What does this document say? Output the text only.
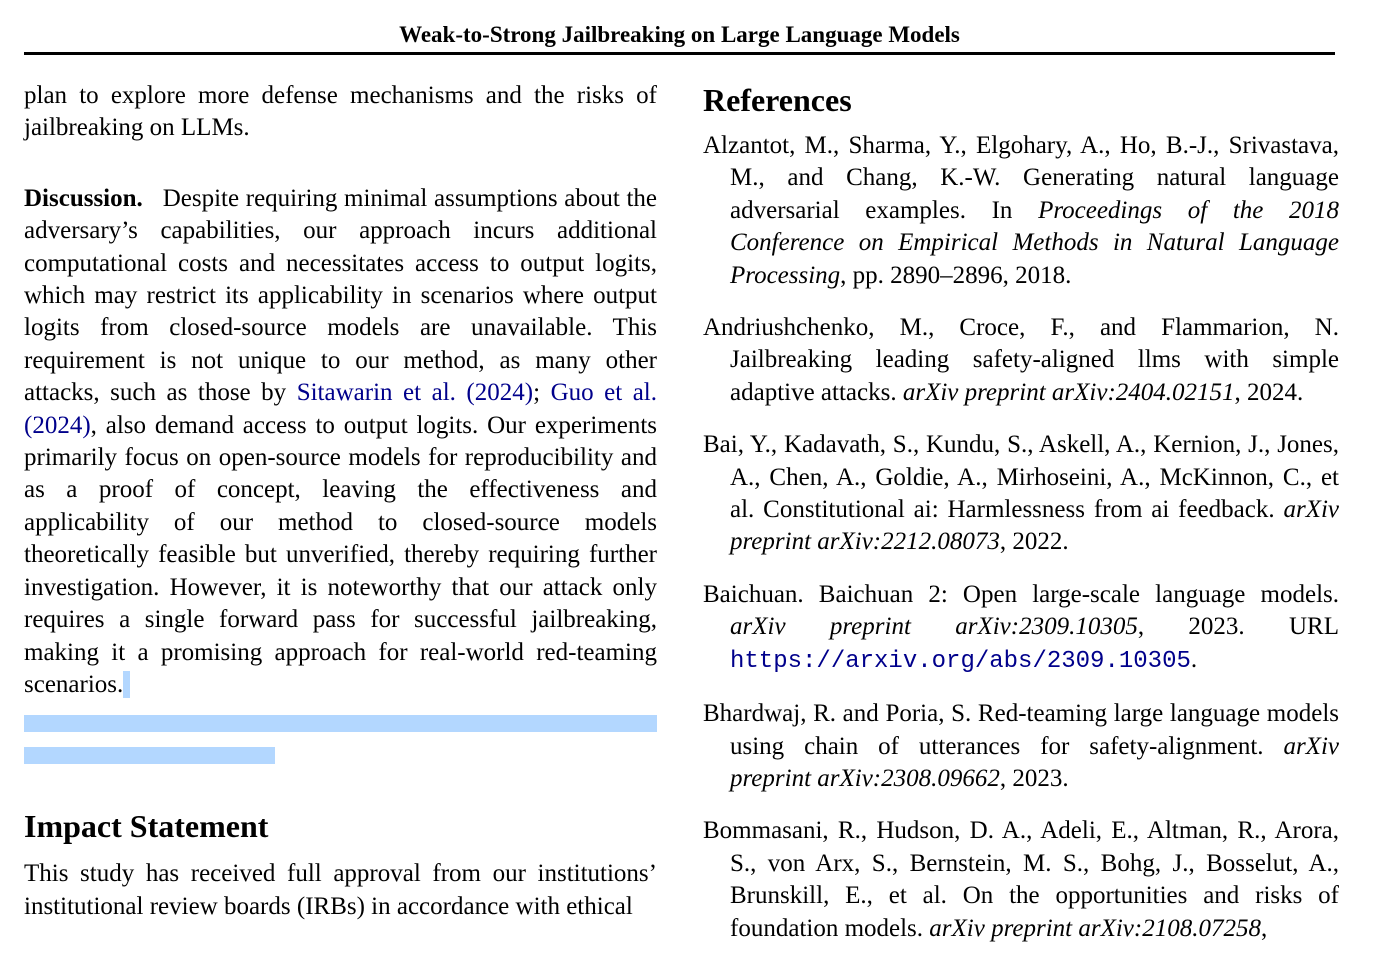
Weak-to-Strong Jailbreaking on Large Language Models

plan to explore more defense mechanisms and the risks of jailbreaking on LLMs.

Discussion. Despite requiring minimal assumptions about the adversary’s capabilities, our approach incurs additional computational costs and necessitates access to output logits, which may restrict its applicability in scenarios where output logits from closed-source models are unavailable. This requirement is not unique to our method, as many other attacks, such as those by Sitawarin et al. (2024); Guo et al. (2024), also demand access to output logits. Our experiments primarily focus on open-source models for reproducibility and as a proof of concept, leaving the effectiveness and applicability of our method to closed-source models theoretically feasible but unverified, thereby requiring further investigation. However, it is noteworthy that our attack only requires a single forward pass for successful jailbreaking, making it a promising approach for real-world red-teaming scenarios.

Impact Statement

This study has received full approval from our institutions’ institutional review boards (IRBs) in accordance with ethical

References

Alzantot, M., Sharma, Y., Elgohary, A., Ho, B.-J., Srivastava, M., and Chang, K.-W. Generating natural language adversarial examples. In Proceedings of the 2018 Conference on Empirical Methods in Natural Language Processing, pp. 2890–2896, 2018.

Andriushchenko, M., Croce, F., and Flammarion, N. Jailbreaking leading safety-aligned llms with simple adaptive attacks. arXiv preprint arXiv:2404.02151, 2024.

Bai, Y., Kadavath, S., Kundu, S., Askell, A., Kernion, J., Jones, A., Chen, A., Goldie, A., Mirhoseini, A., McKinnon, C., et al. Constitutional ai: Harmlessness from ai feedback. arXiv preprint arXiv:2212.08073, 2022.

Baichuan. Baichuan 2: Open large-scale language models. arXiv preprint arXiv:2309.10305, 2023. URL https://arxiv.org/abs/2309.10305.

Bhardwaj, R. and Poria, S. Red-teaming large language models using chain of utterances for safety-alignment. arXiv preprint arXiv:2308.09662, 2023.

Bommasani, R., Hudson, D. A., Adeli, E., Altman, R., Arora, S., von Arx, S., Bernstein, M. S., Bohg, J., Bosselut, A., Brunskill, E., et al. On the opportunities and risks of foundation models. arXiv preprint arXiv:2108.07258,
